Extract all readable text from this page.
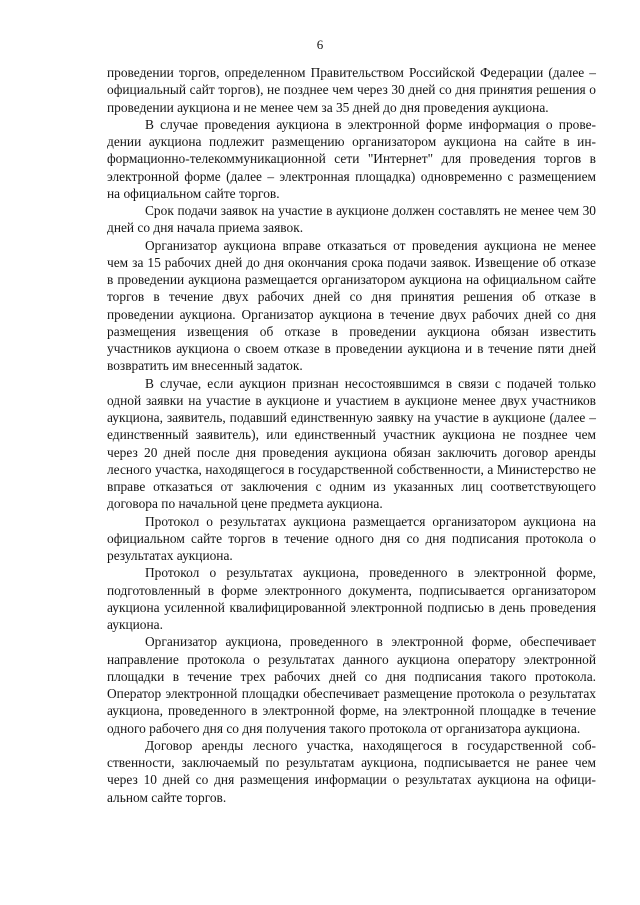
6

проведении торгов, определенном Правительством Российской Федерации (далее – официальный сайт торгов), не позднее чем через 30 дней со дня принятия решения о проведении аукциона и не менее чем за 35 дней до дня проведения аукциона.

В случае проведения аукциона в электронной форме информация о проведении аукциона подлежит размещению организатором аукциона на сайте в информационно-телекоммуникационной сети "Интернет" для проведения торгов в электронной форме (далее – электронная площадка) одновременно с размещением на официальном сайте торгов.

Срок подачи заявок на участие в аукционе должен составлять не менее чем 30 дней со дня начала приема заявок.

Организатор аукциона вправе отказаться от проведения аукциона не менее чем за 15 рабочих дней до дня окончания срока подачи заявок. Извещение об отказе в проведении аукциона размещается организатором аукциона на официальном сайте торгов в течение двух рабочих дней со дня принятия решения об отказе в проведении аукциона. Организатор аукциона в течение двух рабочих дней со дня размещения извещения об отказе в проведении аукциона обязан известить участников аукциона о своем отказе в проведении аукциона и в течение пяти дней возвратить им внесенный задаток.

В случае, если аукцион признан несостоявшимся в связи с подачей только одной заявки на участие в аукционе и участием в аукционе менее двух участников аукциона, заявитель, подавший единственную заявку на участие в аукционе (далее – единственный заявитель), или единственный участник аукциона не позднее чем через 20 дней после дня проведения аукциона обязан заключить договор аренды лесного участка, находящегося в государственной собственности, а Министерство не вправе отказаться от заключения с одним из указанных лиц соответствующего договора по начальной цене предмета аукциона.

Протокол о результатах аукциона размещается организатором аукциона на официальном сайте торгов в течение одного дня со дня подписания протокола о результатах аукциона.

Протокол о результатах аукциона, проведенного в электронной форме, подготовленный в форме электронного документа, подписывается организатором аукциона усиленной квалифицированной электронной подписью в день проведения аукциона.

Организатор аукциона, проведенного в электронной форме, обеспечивает направление протокола о результатах данного аукциона оператору электронной площадки в течение трех рабочих дней со дня подписания такого протокола. Оператор электронной площадки обеспечивает размещение протокола о результатах аукциона, проведенного в электронной форме, на электронной площадке в течение одного рабочего дня со дня получения такого протокола от организатора аукциона.

Договор аренды лесного участка, находящегося в государственной собственности, заключаемый по результатам аукциона, подписывается не ранее чем через 10 дней со дня размещения информации о результатах аукциона на официальном сайте торгов.
